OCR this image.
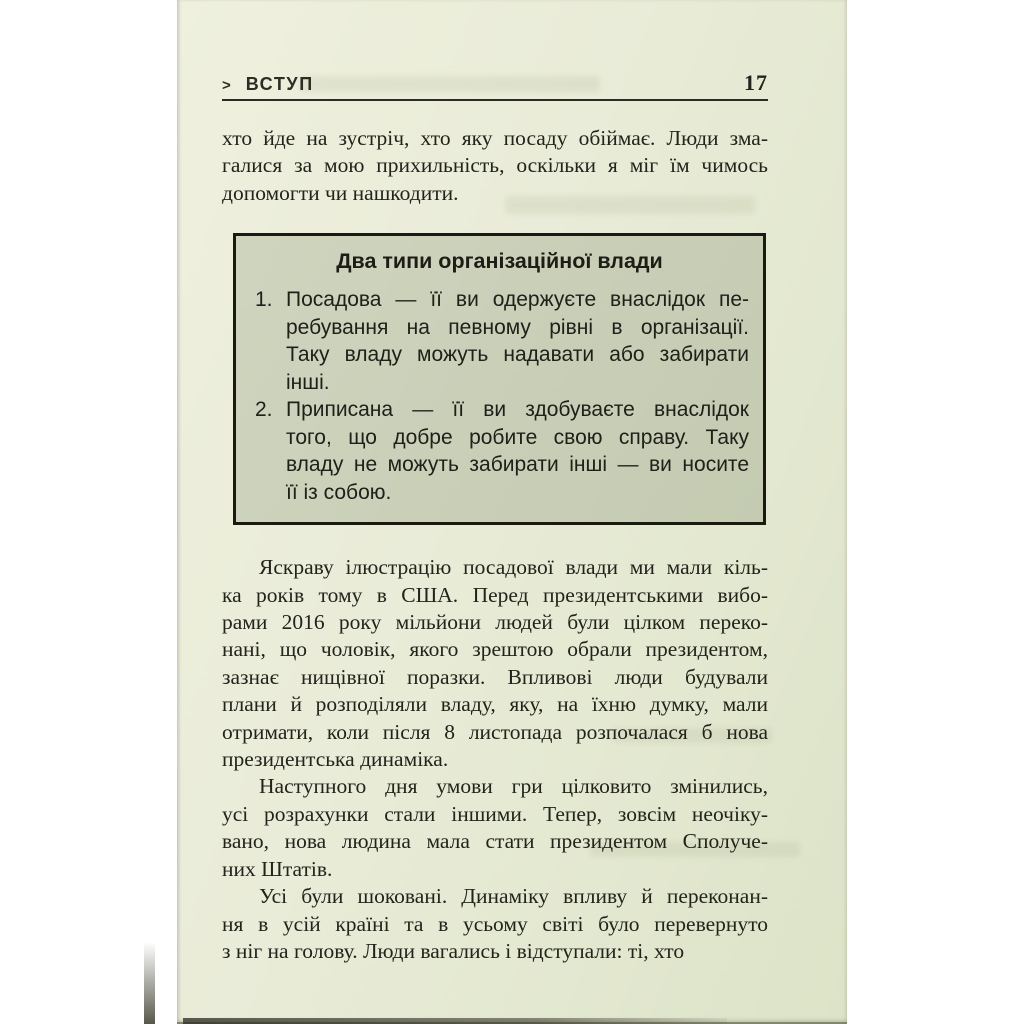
> ВСТУП	17
хто йде на зустріч, хто яку посаду обіймає. Люди зма-
галися за мою прихильність, оскільки я міг їм чимось
допомогти чи нашкодити.
Два типи організаційної влади
1. Посадова — її ви одержуєте внаслідок пе-
ребування на певному рівні в організації.
Таку владу можуть надавати або забирати
інші.
2. Приписана — її ви здобуваєте внаслідок
того, що добре робите свою справу. Таку
владу не можуть забирати інші — ви носите
її із собою.
Яскраву ілюстрацію посадової влади ми мали кіль-
ка років тому в США. Перед президентськими вибо-
рами 2016 року мільйони людей були цілком переко-
нані, що чоловік, якого зрештою обрали президентом,
зазнає нищівної поразки. Впливові люди будували
плани й розподіляли владу, яку, на їхню думку, мали
отримати, коли після 8 листопада розпочалася б нова
президентська динаміка.
Наступного дня умови гри цілковито змінились,
усі розрахунки стали іншими. Тепер, зовсім неочіку-
вано, нова людина мала стати президентом Сполуче-
них Штатів.
Усі були шоковані. Динаміку впливу й переконан-
ня в усій країні та в усьому світі було перевернуто
з ніг на голову. Люди вагались і відступали: ті, хто
